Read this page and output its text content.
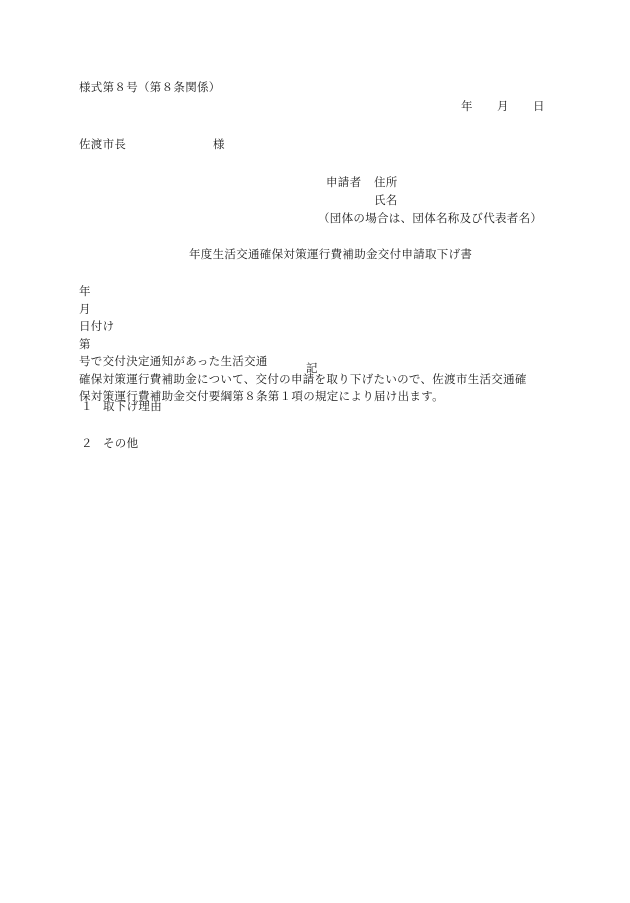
様式第８号（第８条関係）
年 月 日
佐渡市長	様
申請者 住所
氏名
（団体の場合は、団体名称及び代表者名）
年度生活交通確保対策運行費補助金交付申請取下げ書
年
月
日付け
第
号で交付決定通知があった生活交通
確保対策運行費補助金について、交付の申請を取り下げたいので、佐渡市生活交通確
保対策運行費補助金交付要綱第８条第１項の規定により届け出ます。
記
１ 取下げ理由
２ その他
